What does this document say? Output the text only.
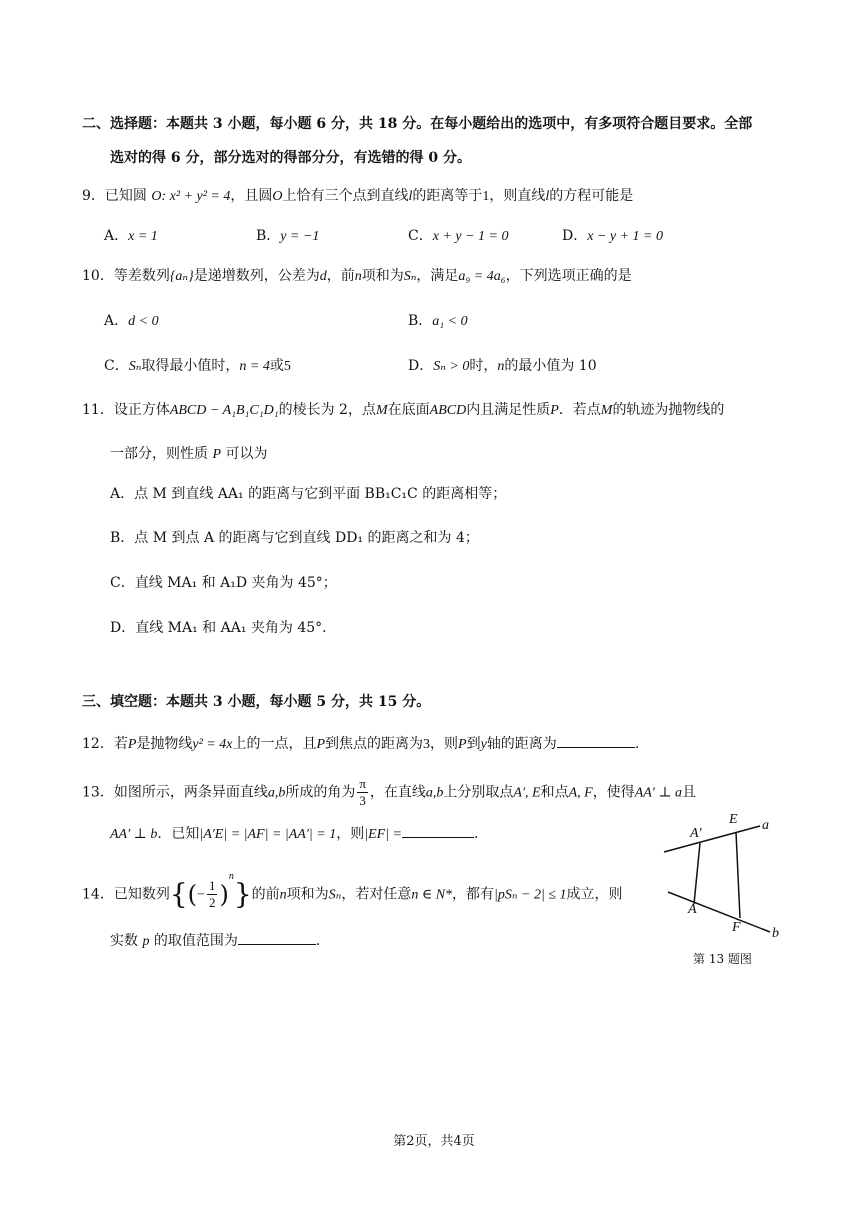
二、选择题：本题共 3 小题，每小题 6 分，共 18 分。在每小题给出的选项中，有多项符合题目要求。全部
选对的得 6 分，部分选对的得部分分，有选错的得 0 分。
9．已知圆 O: x² + y² = 4，且圆O上恰有三个点到直线l的距离等于1，则直线l的方程可能是
A．x = 1	B．y = −1	C．x + y − 1 = 0	D．x − y + 1 = 0
10．等差数列{aₙ}是递增数列，公差为d，前n项和为Sₙ，满足a₉ = 4a₆，下列选项正确的是
A．d < 0	B．a₁ < 0
C．Sₙ取得最小值时，n = 4或5	D．Sₙ > 0时，n的最小值为 10
11．设正方体ABCD − A₁B₁C₁D₁的棱长为 2，点M在底面ABCD内且满足性质P．若点M的轨迹为抛物线的
一部分，则性质 P 可以为
A．点 M 到直线 AA₁ 的距离与它到平面 BB₁C₁C 的距离相等；
B．点 M 到点 A 的距离与它到直线 DD₁ 的距离之和为 4；
C．直线 MA₁ 和 A₁D 夹角为 45°；
D．直线 MA₁ 和 AA₁ 夹角为 45°．
三、填空题：本题共 3 小题，每小题 5 分，共 15 分。
12．若P是抛物线y² = 4x上的一点，且P到焦点的距离为3，则P到y轴的距离为	.
13．如图所示，两条异面直线a,b所成的角为 $\frac{\pi}{3}$ ，在直线a,b上分别取点A′, E和点A, F，使得AA′ ⊥ a且
AA′ ⊥ b．已知|A′E| = |AF| = |AA′| = 1，则|EF| =	.
14．已知数列{(− $\frac{1}{2} )^n$}的前n项和为Sₙ，若对任意n ∈ N*，都有|pSₙ − 2| ≤ 1成立，则
实数 p 的取值范围为	.
A′
E a
A
F b
第 13 题图
第2页，共4页
